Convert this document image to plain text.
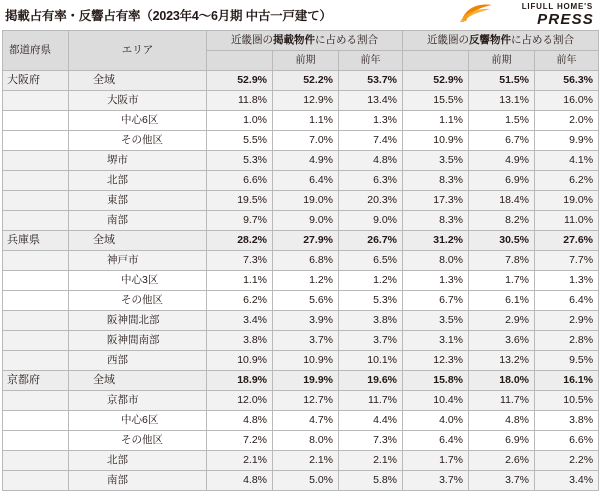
掲載占有率・反響占有率（2023年4～6月期 中古一戸建て）
LIFULL HOME'S
PRESS
都道府県	エリア	近畿圏の掲載物件に占める割合			近畿圏の反響物件に占める割合		
			前期	前年		前期	前年
大阪府	全域	52.9%	52.2%	53.7%	52.9%	51.5%	56.3%
	大阪市	11.8%	12.9%	13.4%	15.5%	13.1%	16.0%
	中心6区	1.0%	1.1%	1.3%	1.1%	1.5%	2.0%
	その他区	5.5%	7.0%	7.4%	10.9%	6.7%	9.9%
	堺市	5.3%	4.9%	4.8%	3.5%	4.9%	4.1%
	北部	6.6%	6.4%	6.3%	8.3%	6.9%	6.2%
	東部	19.5%	19.0%	20.3%	17.3%	18.4%	19.0%
	南部	9.7%	9.0%	9.0%	8.3%	8.2%	11.0%
兵庫県	全域	28.2%	27.9%	26.7%	31.2%	30.5%	27.6%
	神戸市	7.3%	6.8%	6.5%	8.0%	7.8%	7.7%
	中心3区	1.1%	1.2%	1.2%	1.3%	1.7%	1.3%
	その他区	6.2%	5.6%	5.3%	6.7%	6.1%	6.4%
	阪神間北部	3.4%	3.9%	3.8%	3.5%	2.9%	2.9%
	阪神間南部	3.8%	3.7%	3.7%	3.1%	3.6%	2.8%
	西部	10.9%	10.9%	10.1%	12.3%	13.2%	9.5%
京都府	全域	18.9%	19.9%	19.6%	15.8%	18.0%	16.1%
	京都市	12.0%	12.7%	11.7%	10.4%	11.7%	10.5%
	中心6区	4.8%	4.7%	4.4%	4.0%	4.8%	3.8%
	その他区	7.2%	8.0%	7.3%	6.4%	6.9%	6.6%
	北部	2.1%	2.1%	2.1%	1.7%	2.6%	2.2%
	南部	4.8%	5.0%	5.8%	3.7%	3.7%	3.4%
